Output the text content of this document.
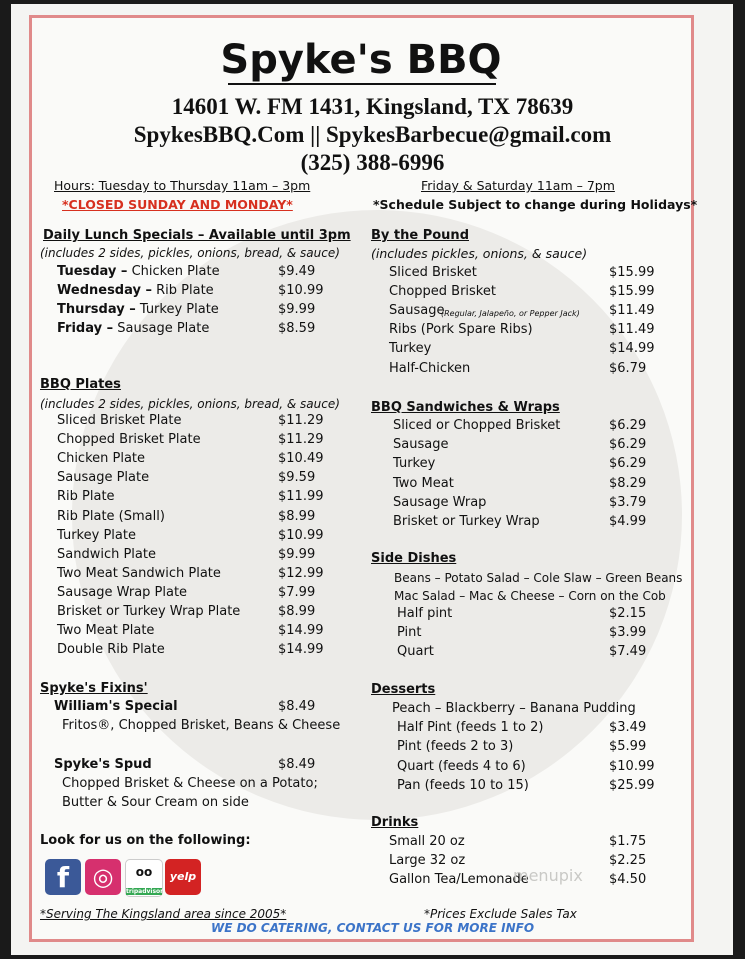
Spyke's BBQ
14601 W. FM 1431, Kingsland, TX 78639
SpykesBBQ.Com || SpykesBarbecue@gmail.com
(325) 388-6996
Hours: Tuesday to Thursday 11am – 3pm
*CLOSED SUNDAY AND MONDAY*
Friday & Saturday 11am – 7pm
*Schedule Subject to change during Holidays*
Daily Lunch Specials – Available until 3pm
(includes 2 sides, pickles, onions, bread, & sauce)
Tuesday – Chicken Plate	$9.49
Wednesday – Rib Plate	$10.99
Thursday – Turkey Plate	$9.99
Friday – Sausage Plate	$8.59
BBQ Plates
(includes 2 sides, pickles, onions, bread, & sauce)
Sliced Brisket Plate	$11.29
Chopped Brisket Plate	$11.29
Chicken Plate	$10.49
Sausage Plate	$9.59
Rib Plate	$11.99
Rib Plate (Small)	$8.99
Turkey Plate	$10.99
Sandwich Plate	$9.99
Two Meat Sandwich Plate	$12.99
Sausage Wrap Plate	$7.99
Brisket or Turkey Wrap Plate	$8.99
Two Meat Plate	$14.99
Double Rib Plate	$14.99
Spyke's Fixins'
William's Special	$8.49
Fritos®, Chopped Brisket, Beans & Cheese
Spyke's Spud	$8.49
Chopped Brisket & Cheese on a Potato;
Butter & Sour Cream on side
Look for us on the following:
f ◎	oo
tripadvisor
yelp
By the Pound
(includes pickles, onions, & sauce)
Sliced Brisket	$15.99
Chopped Brisket	$15.99
Sausage
(Regular, Jalapeño, or Pepper Jack) $11.49
Ribs (Pork Spare Ribs)	$11.49
Turkey	$14.99
Half-Chicken	$6.79
BBQ Sandwiches & Wraps
Sliced or Chopped Brisket	$6.29
Sausage	$6.29
Turkey	$6.29
Two Meat	$8.29
Sausage Wrap	$3.79
Brisket or Turkey Wrap	$4.99
Side Dishes
Beans – Potato Salad – Cole Slaw – Green Beans
Mac Salad – Mac & Cheese – Corn on the Cob
Half pint	$2.15
Pint	$3.99
Quart	$7.49
Desserts
Peach – Blackberry – Banana Pudding
Half Pint (feeds 1 to 2)	$3.49
Pint (feeds 2 to 3)	$5.99
Quart (feeds 4 to 6)	$10.99
Pan (feeds 10 to 15)	$25.99
Drinks
Small 20 oz	$1.75
Large 32 oz	$2.25
Gallon Tea/Lemonade	$4.50
menupix
*Serving The Kingsland area since 2005*	*Prices Exclude Sales Tax
WE DO CATERING, CONTACT US FOR MORE INFO
